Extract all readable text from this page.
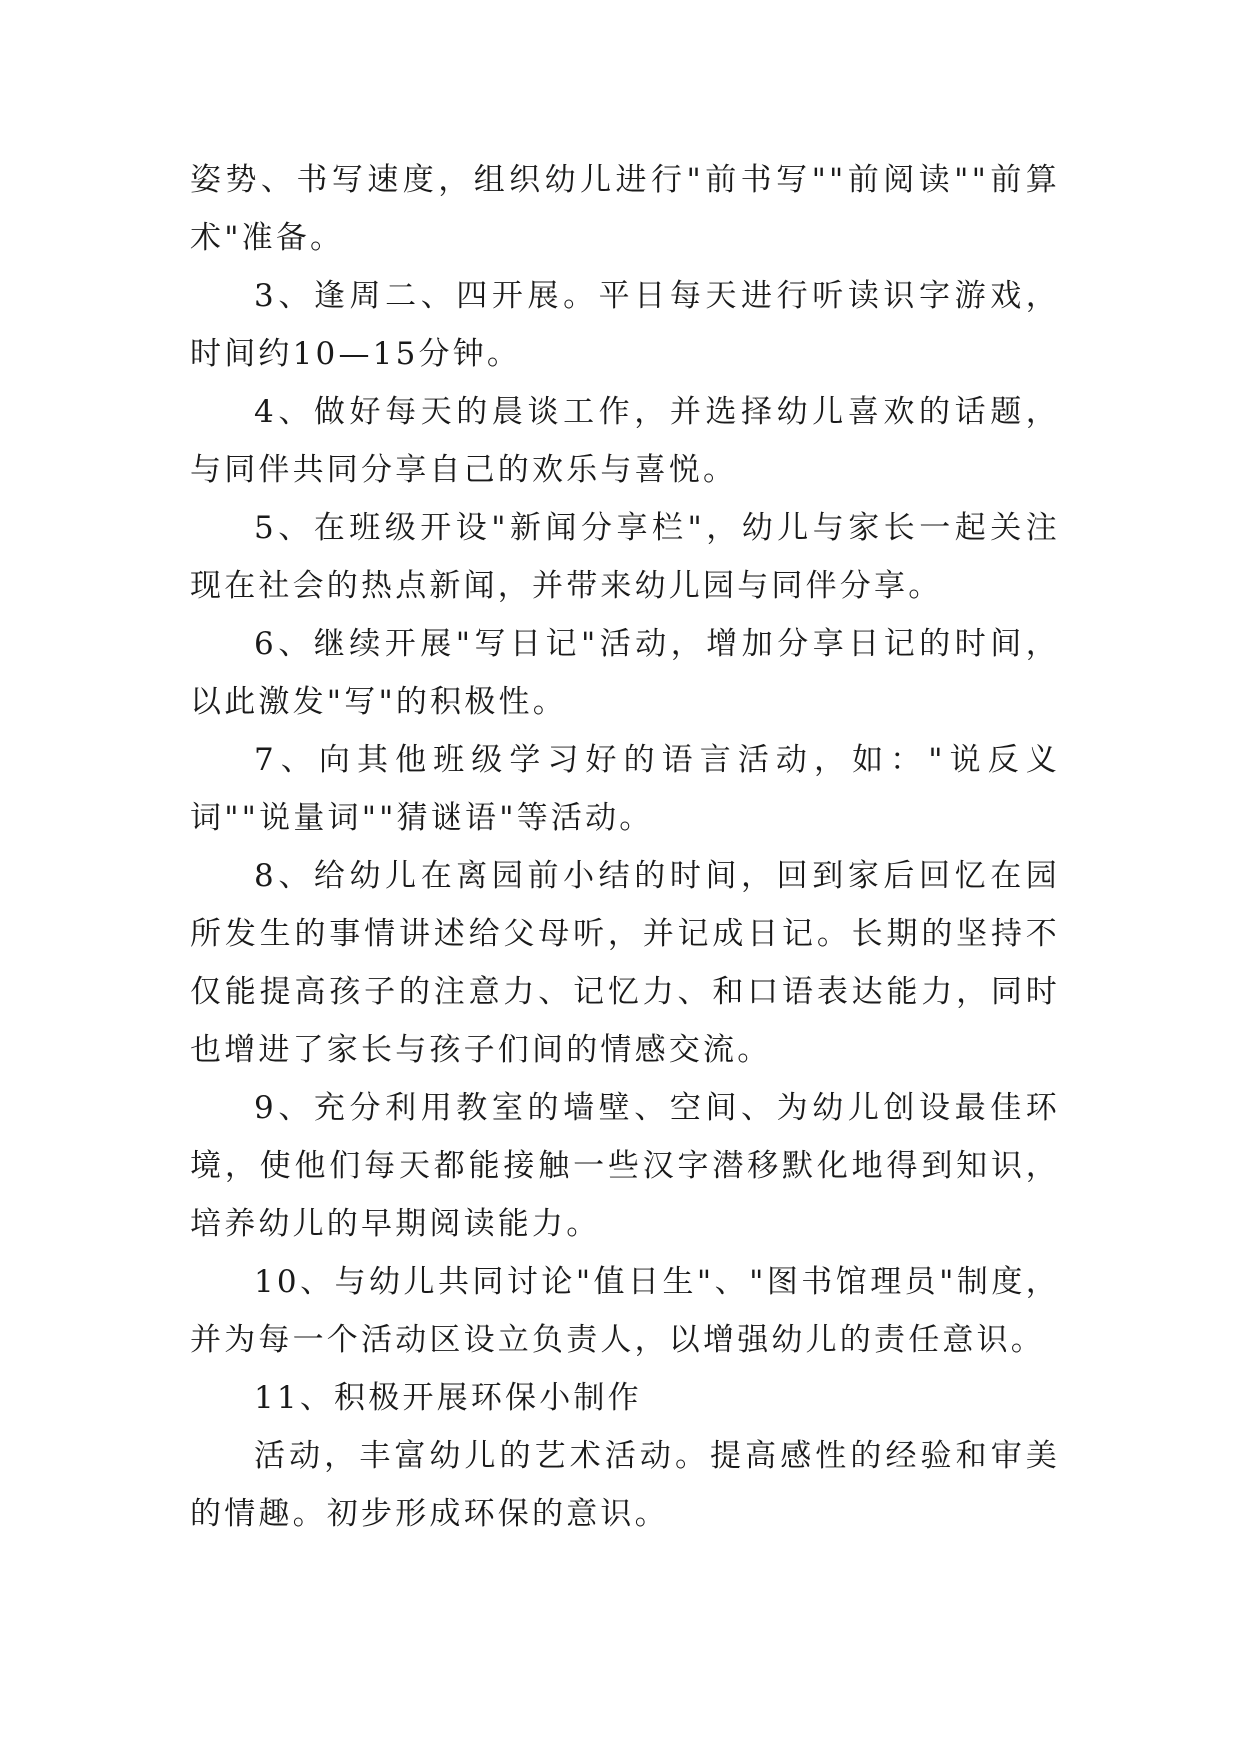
姿势、书写速度，组织幼儿进行"前书写""前阅读""前算术"准备。

3、逢周二、四开展。平日每天进行听读识字游戏，时间约10—15分钟。

4、做好每天的晨谈工作，并选择幼儿喜欢的话题，与同伴共同分享自己的欢乐与喜悦。

5、在班级开设"新闻分享栏"，幼儿与家长一起关注现在社会的热点新闻，并带来幼儿园与同伴分享。

6、继续开展"写日记"活动，增加分享日记的时间，以此激发"写"的积极性。

7、向其他班级学习好的语言活动，如："说反义词""说量词""猜谜语"等活动。

8、给幼儿在离园前小结的时间，回到家后回忆在园所发生的事情讲述给父母听，并记成日记。长期的坚持不仅能提高孩子的注意力、记忆力、和口语表达能力，同时也增进了家长与孩子们间的情感交流。

9、充分利用教室的墙壁、空间、为幼儿创设最佳环境，使他们每天都能接触一些汉字潜移默化地得到知识，培养幼儿的早期阅读能力。

10、与幼儿共同讨论"值日生"、"图书馆理员"制度，并为每一个活动区设立负责人，以增强幼儿的责任意识。

11、积极开展环保小制作

活动，丰富幼儿的艺术活动。提高感性的经验和审美的情趣。初步形成环保的意识。
